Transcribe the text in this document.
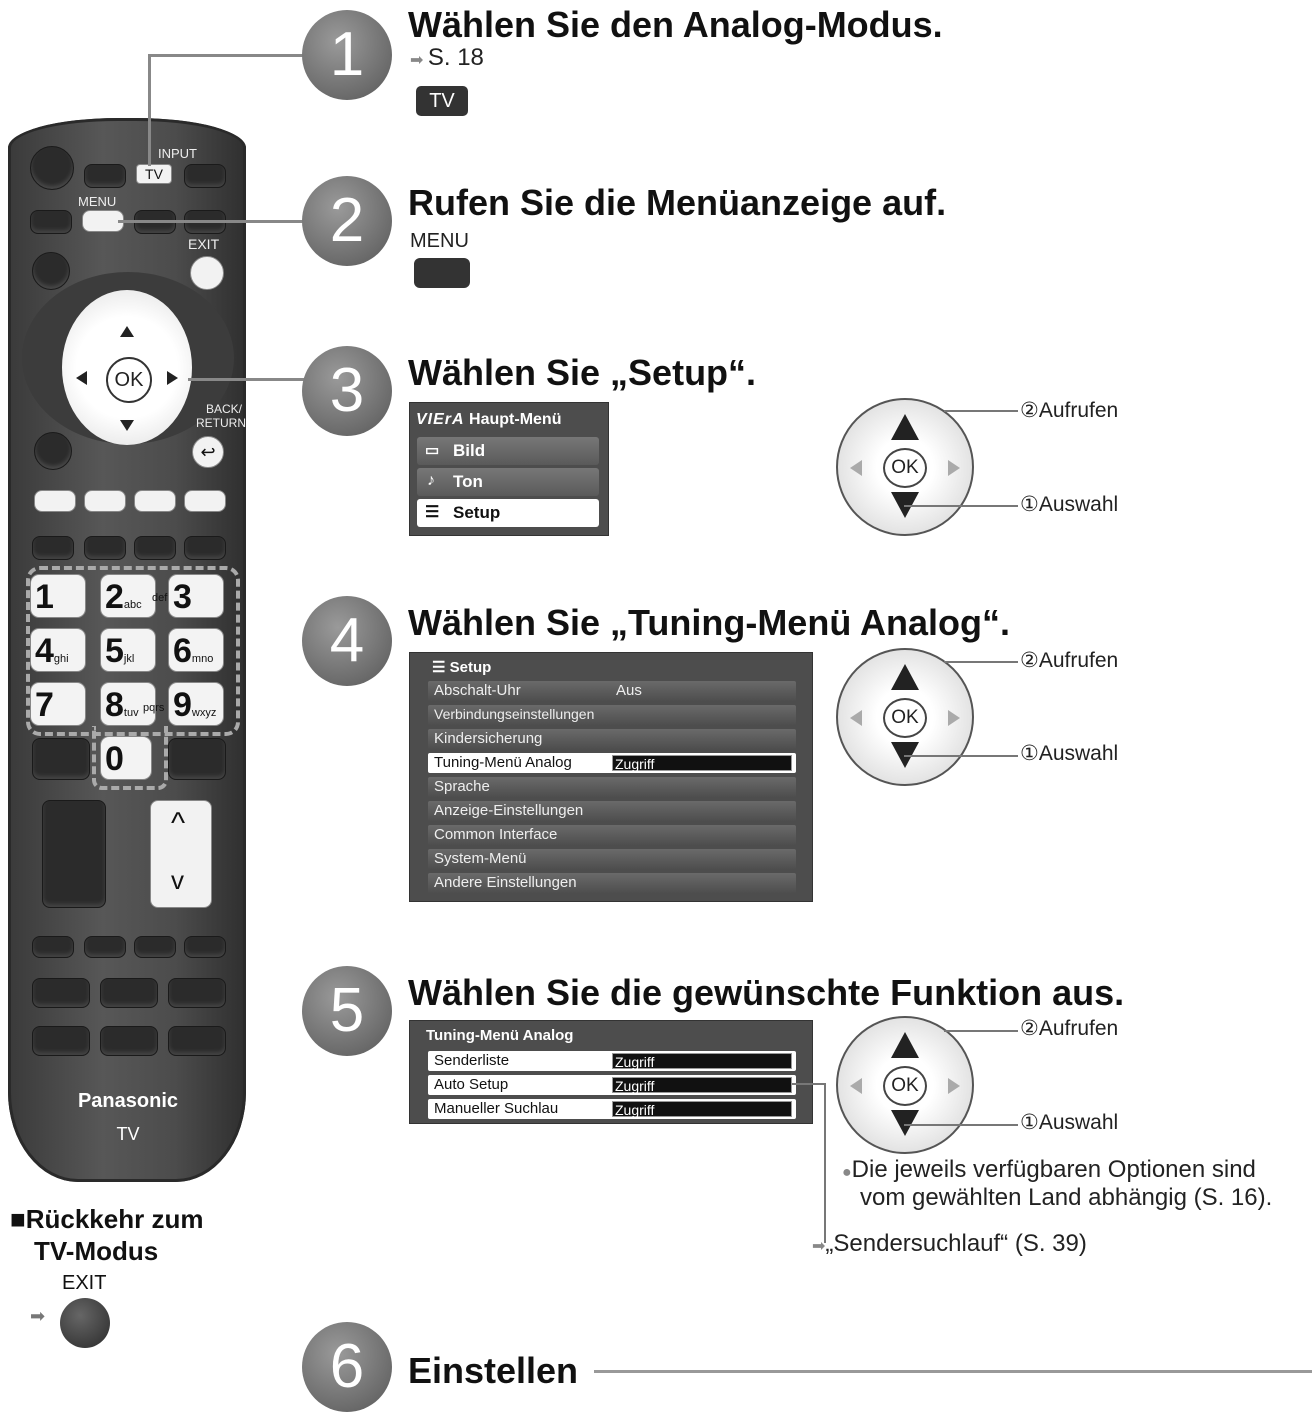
TV
INPUT
MENU
EXIT
OK
BACK/
RETURN
↩
1	2abc 3
def
4ghi	5jkl	6mno
7	8tuv pqrs 9wxyz
0
^
v
Panasonic
TV
■Rückkehr zum
TV-Modus
EXIT
➡
1	Wählen Sie den Analog-Modus.
➡ S. 18
TV
2	Rufen Sie die Menüanzeige auf.
MENU
3	Wählen Sie „Setup“.
VIErA Haupt-Menü
▭ Bild
♪ Ton
☰ Setup
OK
②Aufrufen
①Auswahl
4	Wählen Sie „Tuning-Menü Analog“.
☰ Setup
Abschalt-Uhr	Aus
Verbindungseinstellungen
Kindersicherung
Tuning-Menü Analog	Zugriff
Sprache
Anzeige-Einstellungen
Common Interface
System-Menü
Andere Einstellungen
OK
②Aufrufen
①Auswahl
5	Wählen Sie die gewünschte Funktion aus.
Tuning-Menü Analog
Senderliste	Zugriff
Auto Setup	Zugriff
Manueller Suchlau	Zugriff
OK
②Aufrufen
①Auswahl
●Die jeweils verfügbaren Optionen sind
vom gewählten Land abhängig (S. 16).
➡„Sendersuchlauf“ (S. 39)
6	Einstellen
